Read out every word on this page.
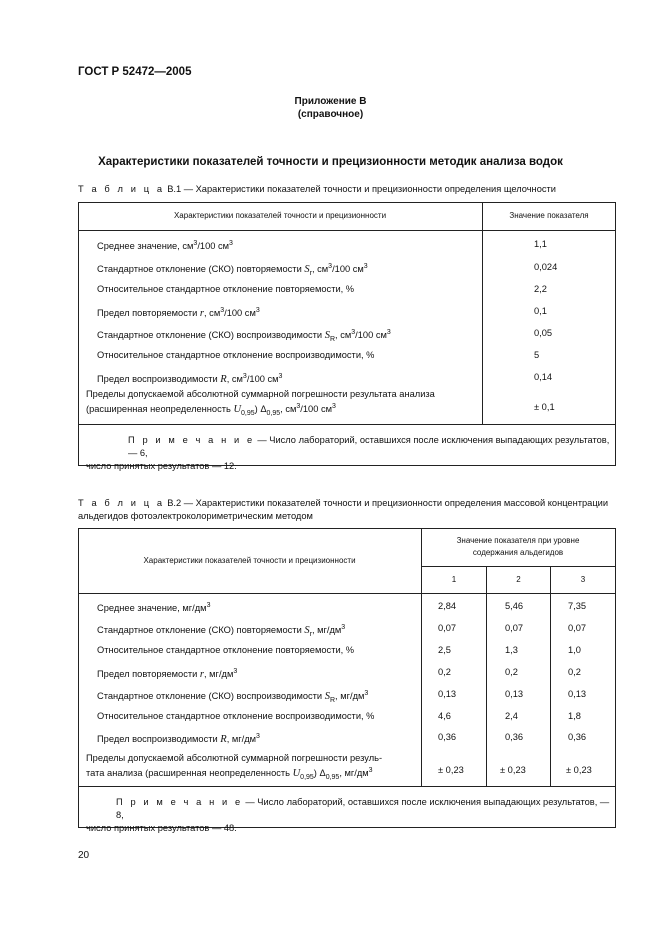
ГОСТ Р 52472—2005
Приложение В
(справочное)
Характеристики показателей точности и прецизионности методик анализа водок
Т а б л и ц а В.1 — Характеристики показателей точности и прецизионности определения щелочности
Характеристики показателей точности и прецизионности	Значение показателя
Среднее значение, $см^3/100$ $см^3$	1,1
Стандартное отклонение (СКО) повторяемости $S_r$, $см^3/100$ $см^3$	0,024
Относительное стандартное отклонение повторяемости, %	2,2
Предел повторяемости r, $см^3/100$ $см^3$	0,1
Стандартное отклонение (СКО) воспроизводимости $S_R$, $см^3/100$ $см^3$	0,05
Относительное стандартное отклонение воспроизводимости, %	5
Предел воспроизводимости R, $см^3/100$ $см^3$	0,14
Пределы допускаемой абсолютной суммарной погрешности результата анализа
(расширенная неопределенность $U_{0,95}$) $\Delta_{0,95}$, $см^3/100$ $см^3$	± 0,1
П р и м е ч а н и е — Число лабораторий, оставшихся после исключения выпадающих результатов, — 6,
число принятых результатов — 12.
Т а б л и ц а В.2 — Характеристики показателей точности и прецизионности определения массовой концентрации
альдегидов фотоэлектроколориметрическим методом
Характеристики показателей точности и прецизионности
Значение показателя при уровне содержания альдегидов
1	2	3
Среднее значение, $мг/дм^3$	2,84	5,46	7,35
Стандартное отклонение (СКО) повторяемости $S_r$, $мг/дм^3$	0,07	0,07	0,07
Относительное стандартное отклонение повторяемости, %	2,5	1,3	1,0
Предел повторяемости r, $мг/дм^3$	0,2	0,2	0,2
Стандартное отклонение (СКО) воспроизводимости $S_R$, $мг/дм^3$	0,13	0,13	0,13
Относительное стандартное отклонение воспроизводимости, %	4,6	2,4	1,8
Предел воспроизводимости R, $мг/дм^3$	0,36	0,36	0,36
Пределы допускаемой абсолютной суммарной погрешности резуль-
тата анализа (расширенная неопределенность $U_{0,95}$) $\Delta_{0,95}$, $мг/дм^3$	± 0,23	± 0,23	± 0,23
П р и м е ч а н и е — Число лабораторий, оставшихся после исключения выпадающих результатов, — 8,
число принятых результатов — 48.
20
